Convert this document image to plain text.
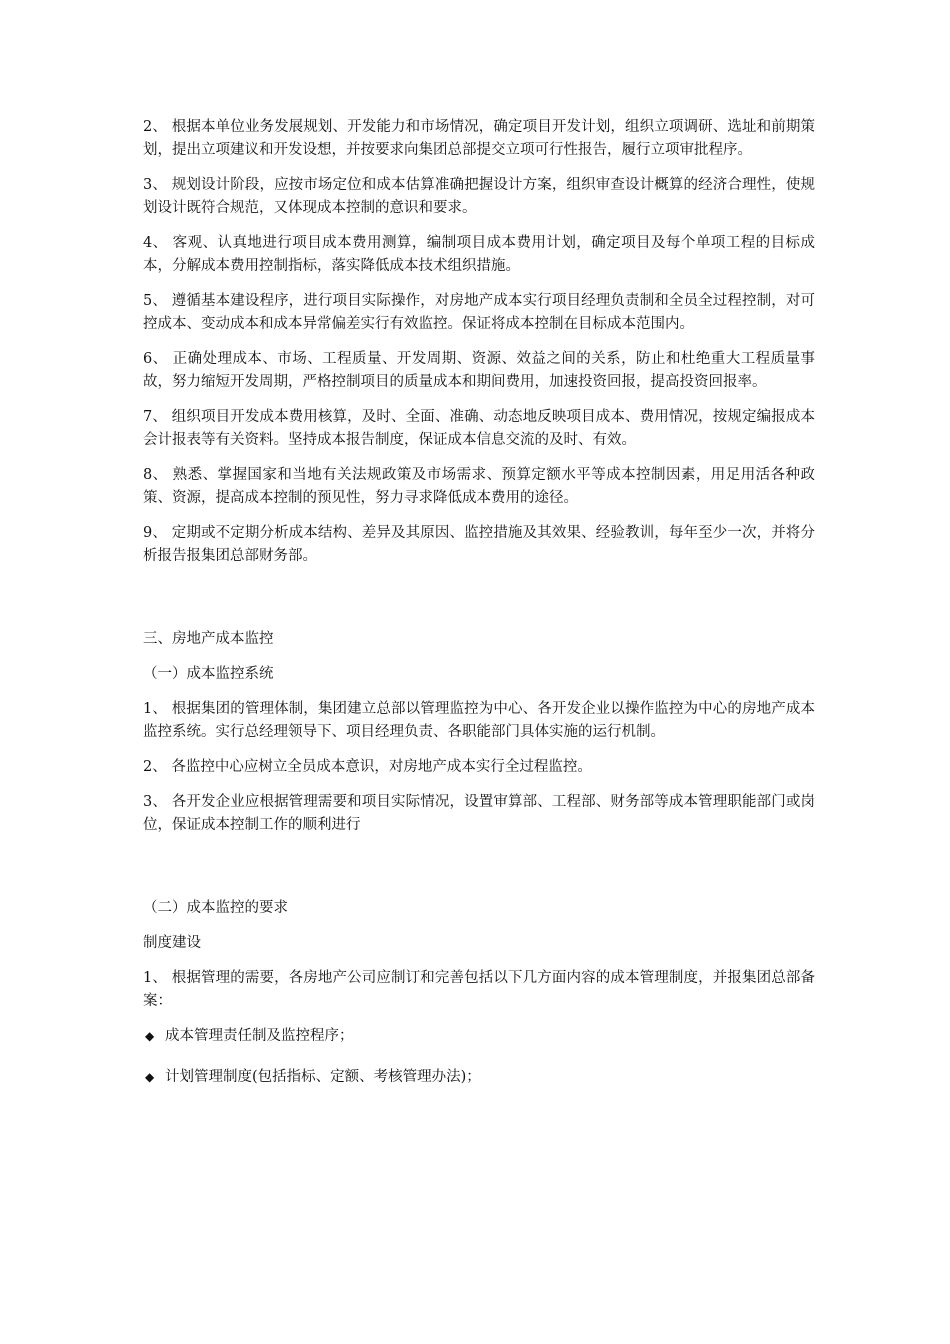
2、 根据本单位业务发展规划、开发能力和市场情况，确定项目开发计划，组织立项调研、选址和前期策划，提出立项建议和开发设想，并按要求向集团总部提交立项可行性报告，履行立项审批程序。

3、 规划设计阶段，应按市场定位和成本估算准确把握设计方案，组织审查设计概算的经济合理性，使规划设计既符合规范，又体现成本控制的意识和要求。

4、 客观、认真地进行项目成本费用测算，编制项目成本费用计划，确定项目及每个单项工程的目标成本，分解成本费用控制指标，落实降低成本技术组织措施。

5、 遵循基本建设程序，进行项目实际操作，对房地产成本实行项目经理负责制和全员全过程控制，对可控成本、变动成本和成本异常偏差实行有效监控。保证将成本控制在目标成本范围内。

6、 正确处理成本、市场、工程质量、开发周期、资源、效益之间的关系，防止和杜绝重大工程质量事故，努力缩短开发周期，严格控制项目的质量成本和期间费用，加速投资回报，提高投资回报率。

7、 组织项目开发成本费用核算，及时、全面、准确、动态地反映项目成本、费用情况，按规定编报成本会计报表等有关资料。坚持成本报告制度，保证成本信息交流的及时、有效。

8、 熟悉、掌握国家和当地有关法规政策及市场需求、预算定额水平等成本控制因素，用足用活各种政策、资源，提高成本控制的预见性，努力寻求降低成本费用的途径。

9、 定期或不定期分析成本结构、差异及其原因、监控措施及其效果、经验教训，每年至少一次，并将分析报告报集团总部财务部。

三、房地产成本监控

（一）成本监控系统

1、 根据集团的管理体制，集团建立总部以管理监控为中心、各开发企业以操作监控为中心的房地产成本监控系统。实行总经理领导下、项目经理负责、各职能部门具体实施的运行机制。

2、 各监控中心应树立全员成本意识，对房地产成本实行全过程监控。

3、 各开发企业应根据管理需要和项目实际情况，设置审算部、工程部、财务部等成本管理职能部门或岗位，保证成本控制工作的顺利进行

（二）成本监控的要求

制度建设

1、 根据管理的需要，各房地产公司应制订和完善包括以下几方面内容的成本管理制度，并报集团总部备案：

◆ 成本管理责任制及监控程序；
◆ 计划管理制度(包括指标、定额、考核管理办法)；
